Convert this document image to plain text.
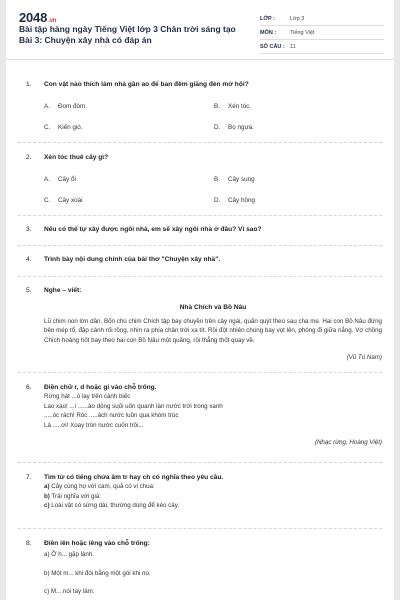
2048.vn
Bài tập hàng ngày Tiếng Việt lớp 3 Chân trời sáng tạo Bài 3: Chuyện xây nhà có đáp án
LỚP :	Lớp 3
MÔN :	Tiếng Việt
SỐ CÂU : 11
1. Con vật nào thích làm nhà gần ao để ban đêm giăng đèn mở hội?
A. Đom đóm.	B. Xén tóc.
C. Kiến gió.	D. Bọ ngựa.
2. Xén tóc thuê cây gì?
A. Cây ổi	B. Cây sung
C. Cây xoài	D. Cây hồng
3. Nếu có thể tự xây được ngôi nhà, em sẽ xây ngôi nhà ở đâu? Vì sao?
4. Trình bày nội dung chính của bài thơ "Chuyện xây nhà".
5. Nghe – viết:
Nhà Chích và Bồ Nâu
Lũ chim non lớn dần. Bốn chú chim Chích tập bay chuyền trên cây ngái, quấn quýt theo sau cha mẹ. Hai con Bồ Nâu đứng bên mép tổ, đập cánh rối rồng, nhìn ra phía chân trời xa tít. Rồi đột nhiên chúng bay vọt lên, phóng đi giữa nắng. Vợ chồng Chích hoảng hốt bay theo hai con Bồ Nâu một quãng, rồi thẳng thốt quay về.
(Vũ Tú Nam)
6. Điền chữ r, d hoặc gi vào chỗ trống.
Rừng hát ...ò lay trên cành biếc
Lao xao! ...i ......ào dòng suối uốn quanh làn nước trời trong xanh
.....óc rách! Róc .....ách nước luồn qua khóm trúc
Lá .....ơi! Xoay tròn nước cuốn trôi...
(Nhạc rừng, Hoàng Việt)
7. Tìm từ có tiếng chứa âm tr hay ch có nghĩa theo yêu cầu.
a) Cây cùng họ với cam, quả có vị chua:
b) Trái nghĩa với già:
c) Loài vật có sừng dài, thường dùng để kéo cày.
8. Điền iên hoặc iêng vào chỗ trống:
a) Ở h... gặp lành.
b) Một m... khi đói bằng một gói khi no.
c) M... nói tay làm.
